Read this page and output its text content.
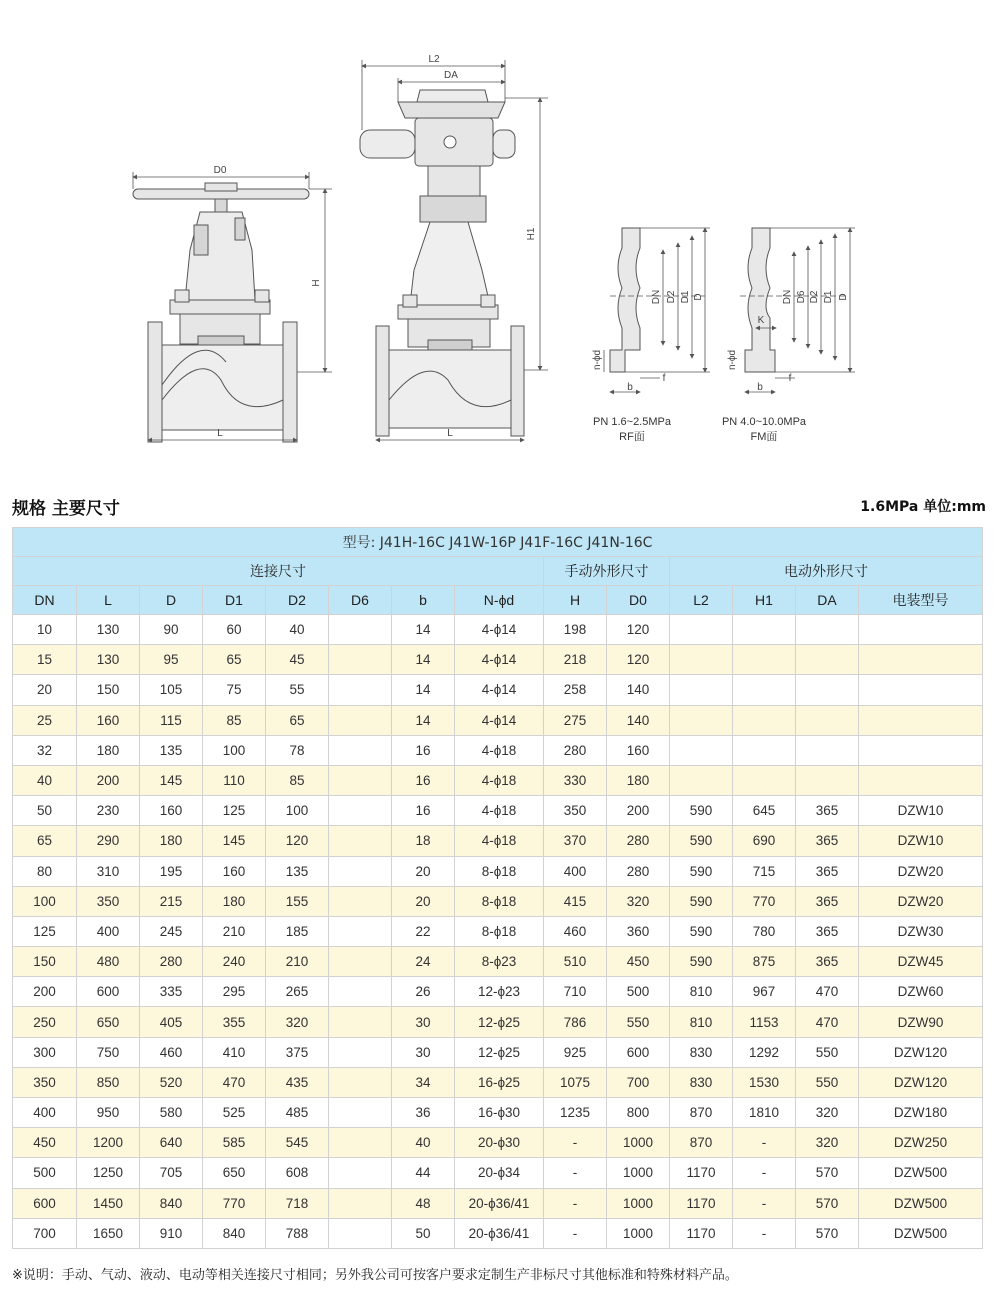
D0
H
L
L2
DA
H1
L
DN D2 D1 D
n-ϕd
b
f
PN 1.6~2.5MPa
RF面
DN D6 D2 D1 D
K
n-ϕd
b
f
PN 4.0~10.0MPa
FM面
规格 主要尺寸	1.6MPa 单位:mm
型号: J41H-16C J41W-16P J41F-16C J41N-16C													
连接尺寸								手动外形尺寸		电动外形尺寸			
DN	L	D	D1	D2	D6	b	N-ϕd	H	D0	L2	H1	DA	电装型号
10	130	90	60	40		14	4-ϕ14	198	120				
15	130	95	65	45		14	4-ϕ14	218	120				
20	150	105	75	55		14	4-ϕ14	258	140				
25	160	115	85	65		14	4-ϕ14	275	140				
32	180	135	100	78		16	4-ϕ18	280	160				
40	200	145	110	85		16	4-ϕ18	330	180				
50	230	160	125	100		16	4-ϕ18	350	200	590	645	365	DZW10
65	290	180	145	120		18	4-ϕ18	370	280	590	690	365	DZW10
80	310	195	160	135		20	8-ϕ18	400	280	590	715	365	DZW20
100	350	215	180	155		20	8-ϕ18	415	320	590	770	365	DZW20
125	400	245	210	185		22	8-ϕ18	460	360	590	780	365	DZW30
150	480	280	240	210		24	8-ϕ23	510	450	590	875	365	DZW45
200	600	335	295	265		26	12-ϕ23	710	500	810	967	470	DZW60
250	650	405	355	320		30	12-ϕ25	786	550	810	1153	470	DZW90
300	750	460	410	375		30	12-ϕ25	925	600	830	1292	550	DZW120
350	850	520	470	435		34	16-ϕ25	1075	700	830	1530	550	DZW120
400	950	580	525	485		36	16-ϕ30	1235	800	870	1810	320	DZW180
450	1200	640	585	545		40	20-ϕ30	-	1000	870	-	320	DZW250
500	1250	705	650	608		44	20-ϕ34	-	1000	1170	-	570	DZW500
600	1450	840	770	718		48	20-ϕ36/41	-	1000	1170	-	570	DZW500
700	1650	910	840	788		50	20-ϕ36/41	-	1000	1170	-	570	DZW500
※说明：手动、气动、液动、电动等相关连接尺寸相同；另外我公司可按客户要求定制生产非标尺寸其他标准和特殊材料产品。
